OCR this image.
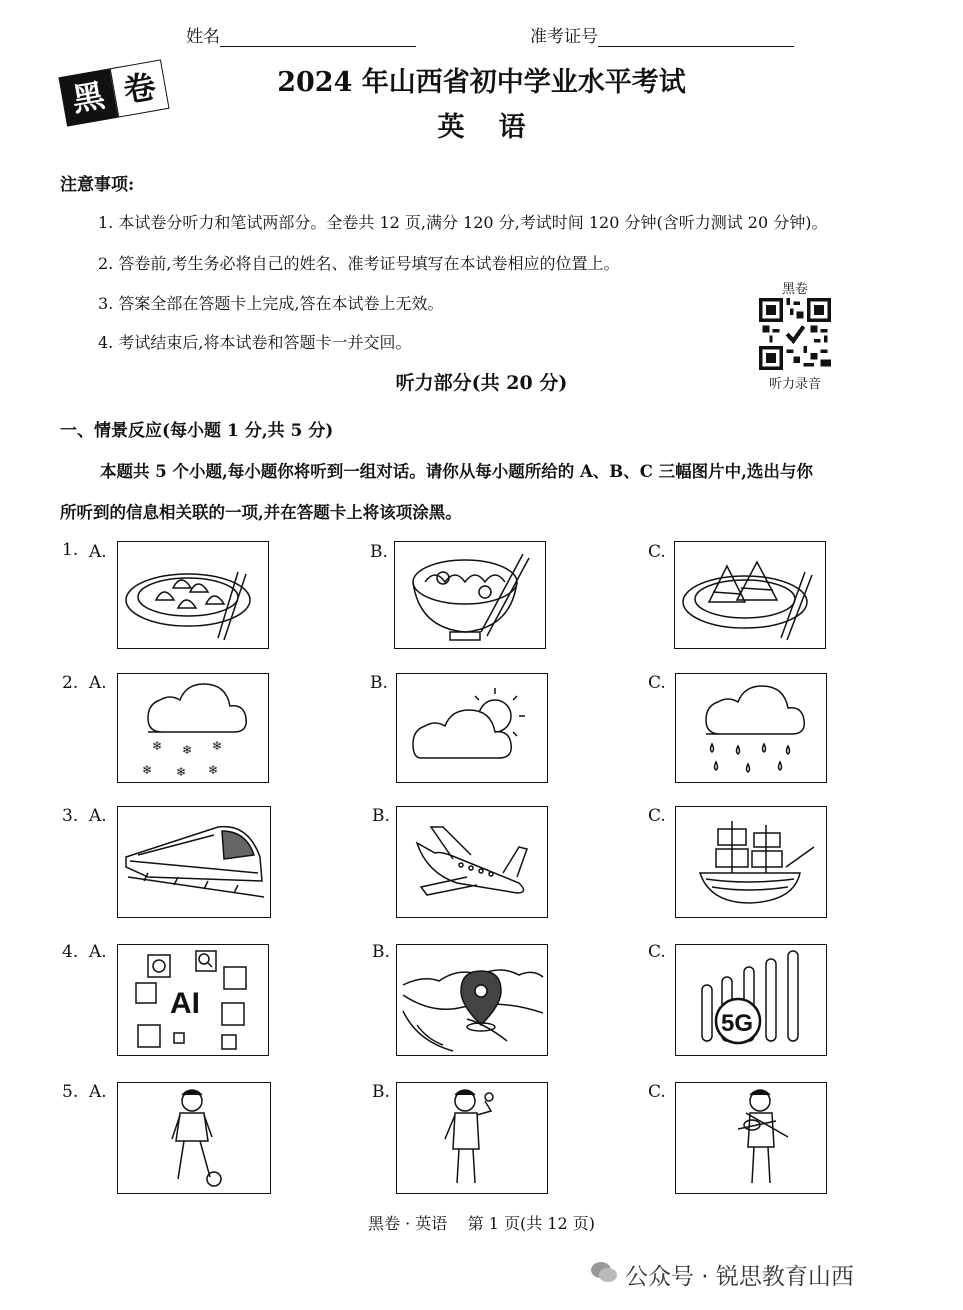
姓名	准考证号
黑 卷	2024 年山西省初中学业水平考试
英语
注意事项:
1. 本试卷分听力和笔试两部分。全卷共 12 页,满分 120 分,考试时间 120 分钟(含听力测试 20 分钟)。
2. 答卷前,考生务必将自己的姓名、准考证号填写在本试卷相应的位置上。
3. 答案全部在答题卡上完成,答在本试卷上无效。
4. 考试结束后,将本试卷和答题卡一并交回。
黑卷
听力录音
听力部分(共 20 分)
一、情景反应(每小题 1 分,共 5 分)
本题共 5 个小题,每小题你将听到一组对话。请你从每小题所给的 A、B、C 三幅图片中,选出与你
所听到的信息相关联的一项,并在答题卡上将该项涂黑。
1. A.	B.	C.
2. A.
❄ ❄ ❄
❄ ❄ ❄
B.	C.
3. A.	B.	C.
4. A.
AI
B.	C.
5G
5. A.	B.	C.
黑卷 · 英语    第 1 页(共 12 页)
公众号 · 锐思教育山西
